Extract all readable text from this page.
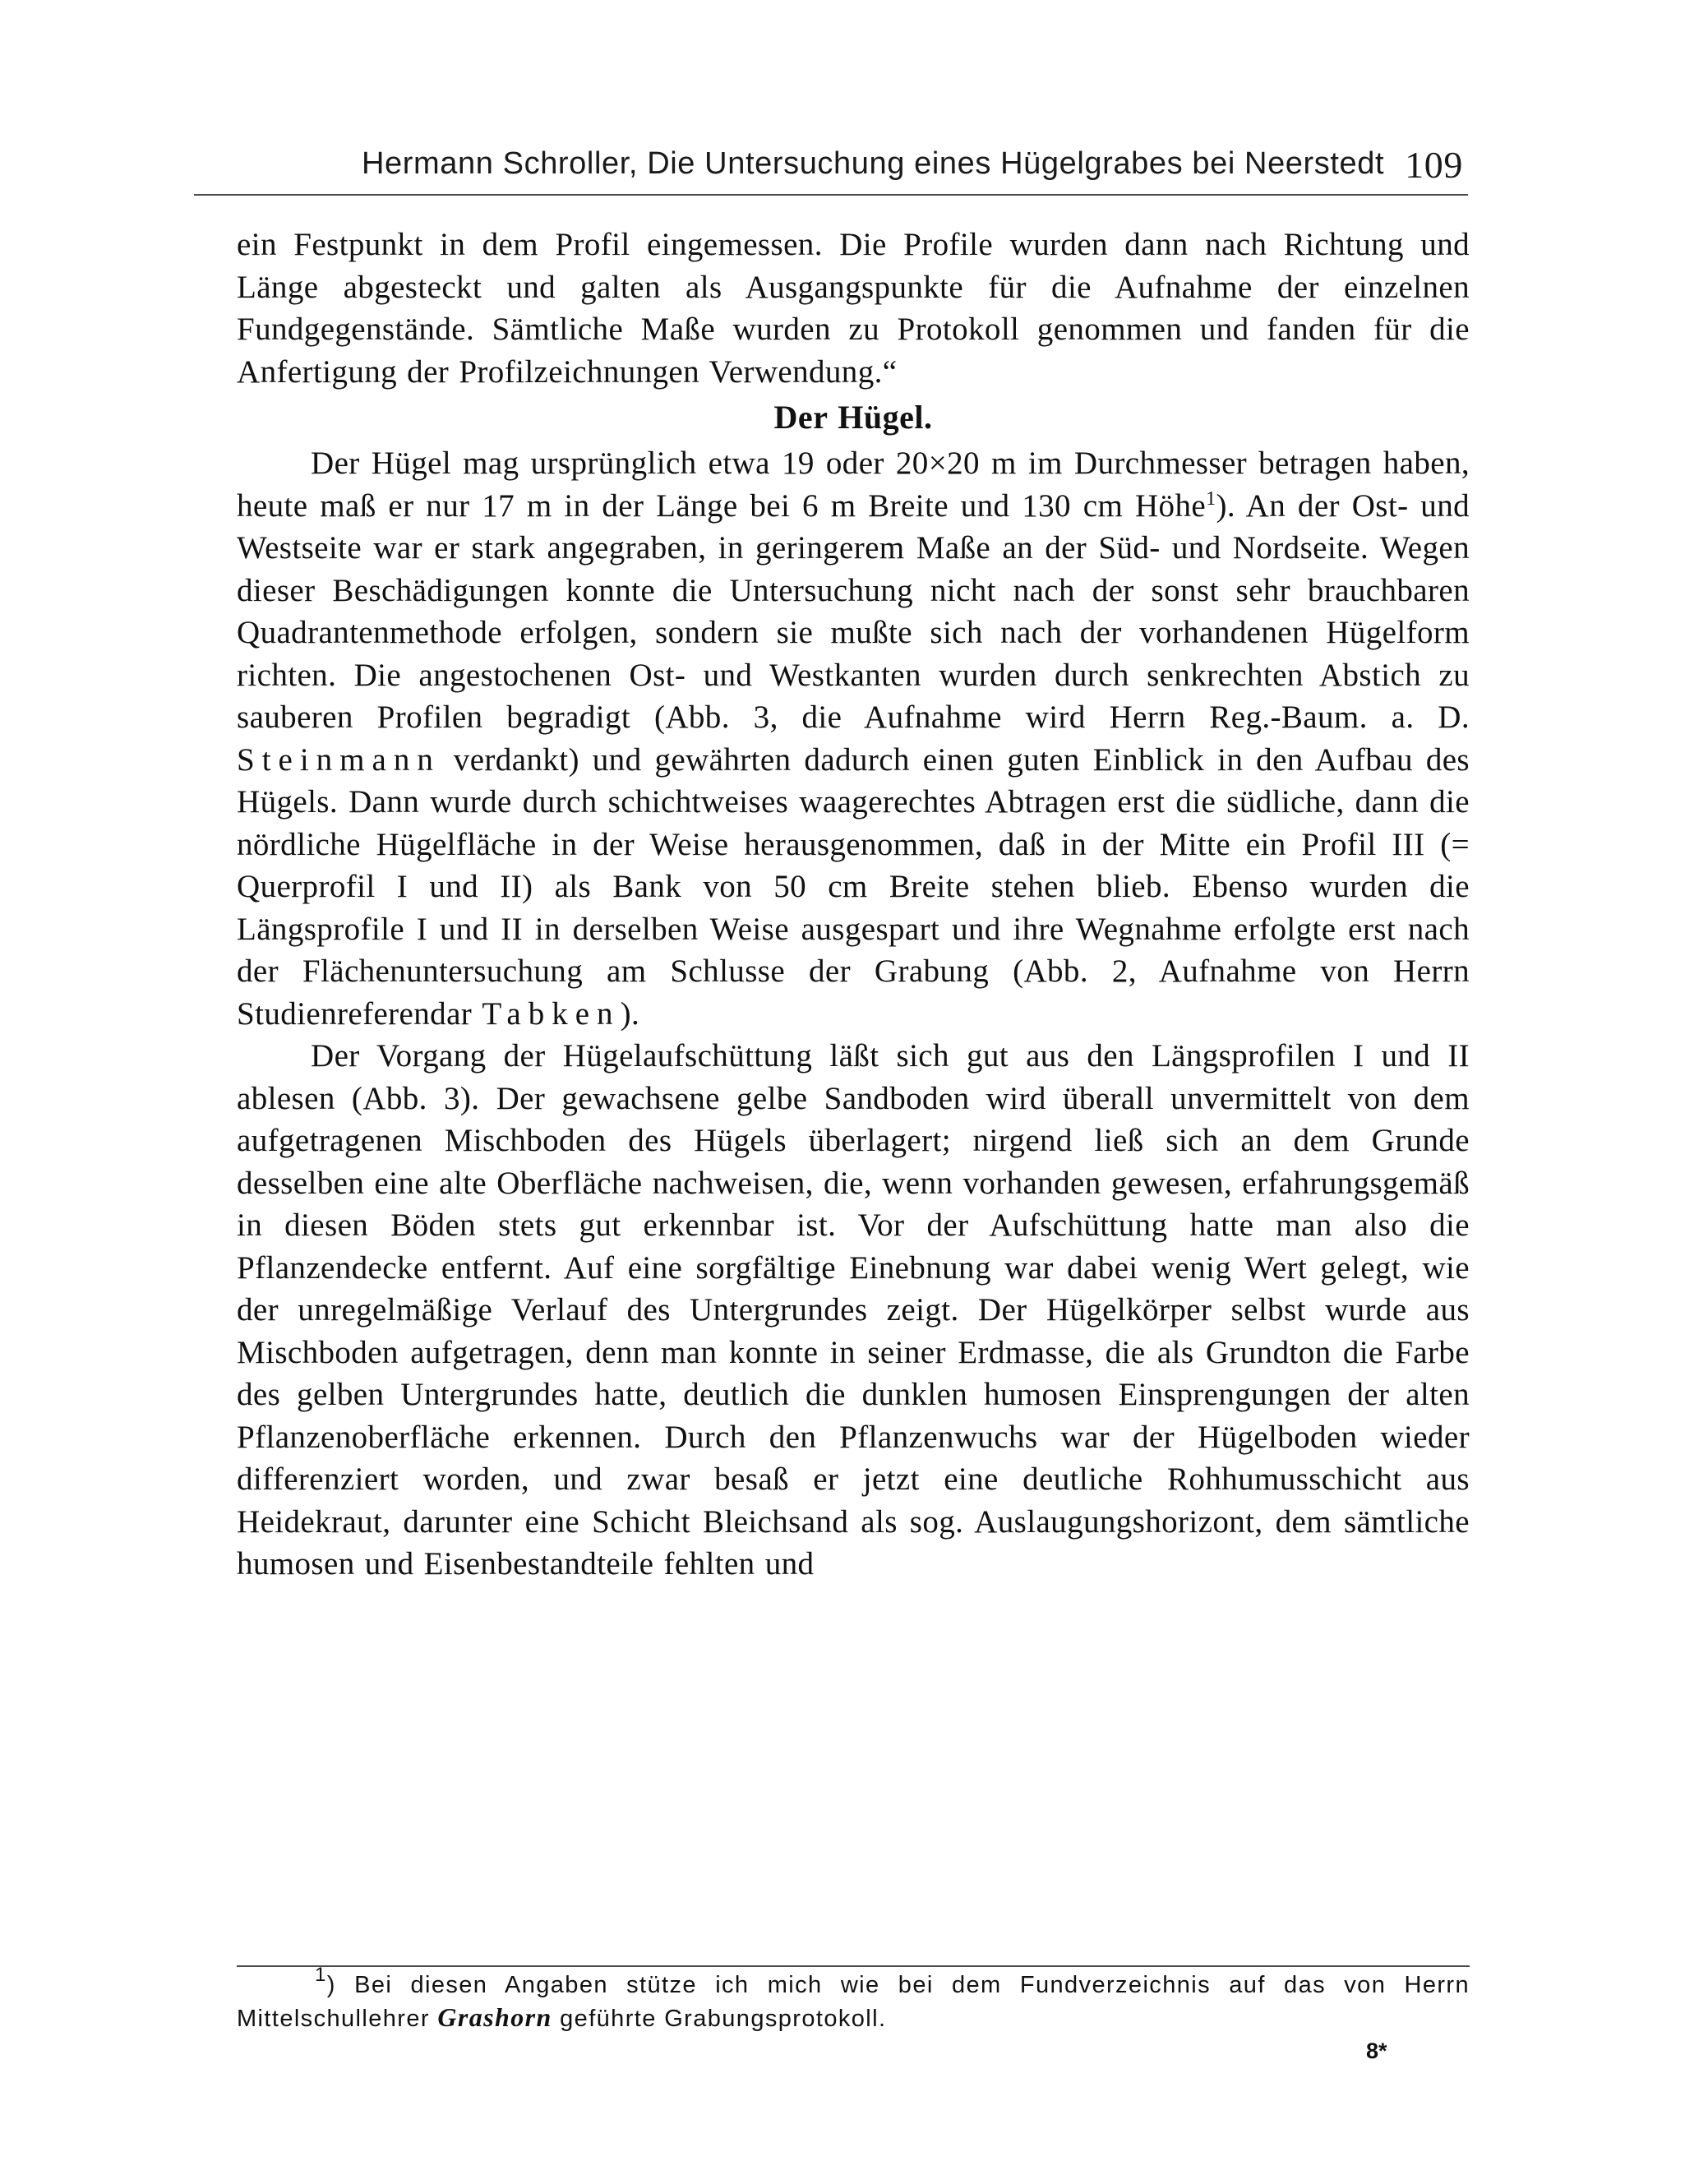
Hermann Schroller, Die Untersuchung eines Hügelgrabes bei Neerstedt 109

ein Festpunkt in dem Profil eingemessen. Die Profile wurden dann nach Richtung und Länge abgesteckt und galten als Ausgangspunkte für die Aufnahme der einzelnen Fundgegenstände. Sämtliche Maße wurden zu Protokoll genommen und fanden für die Anfertigung der Profilzeichnungen Verwendung.“

Der Hügel.

Der Hügel mag ursprünglich etwa 19 oder 20×20 m im Durchmesser betragen haben, heute maß er nur 17 m in der Länge bei 6 m Breite und 130 cm Höhe$^1$). An der Ost- und Westseite war er stark angegraben, in geringerem Maße an der Süd- und Nordseite. Wegen dieser Beschädigungen konnte die Untersuchung nicht nach der sonst sehr brauchbaren Quadrantenmethode erfolgen, sondern sie mußte sich nach der vorhandenen Hügelform richten. Die angestochenen Ost- und Westkanten wurden durch senkrechten Abstich zu sauberen Profilen begradigt (Abb. 3, die Aufnahme wird Herrn Reg.-Baum. a. D. Steinmann verdankt) und gewährten dadurch einen guten Einblick in den Aufbau des Hügels. Dann wurde durch schichtweises waagerechtes Abtragen erst die südliche, dann die nördliche Hügelfläche in der Weise herausgenommen, daß in der Mitte ein Profil III (= Querprofil I und II) als Bank von 50 cm Breite stehen blieb. Ebenso wurden die Längsprofile I und II in derselben Weise ausgespart und ihre Wegnahme erfolgte erst nach der Flächenuntersuchung am Schlusse der Grabung (Abb. 2, Aufnahme von Herrn Studienreferendar Tabken).

Der Vorgang der Hügelaufschüttung läßt sich gut aus den Längsprofilen I und II ablesen (Abb. 3). Der gewachsene gelbe Sandboden wird überall unvermittelt von dem aufgetragenen Mischboden des Hügels überlagert; nirgend ließ sich an dem Grunde desselben eine alte Oberfläche nachweisen, die, wenn vorhanden gewesen, erfahrungsgemäß in diesen Böden stets gut erkennbar ist. Vor der Aufschüttung hatte man also die Pflanzendecke entfernt. Auf eine sorgfältige Einebnung war dabei wenig Wert gelegt, wie der unregelmäßige Verlauf des Untergrundes zeigt. Der Hügelkörper selbst wurde aus Mischboden aufgetragen, denn man konnte in seiner Erdmasse, die als Grundton die Farbe des gelben Untergrundes hatte, deutlich die dunklen humosen Einsprengungen der alten Pflanzenoberfläche erkennen. Durch den Pflanzenwuchs war der Hügelboden wieder differenziert worden, und zwar besaß er jetzt eine deutliche Rohhumusschicht aus Heidekraut, darunter eine Schicht Bleichsand als sog. Auslaugungshorizont, dem sämtliche humosen und Eisenbestandteile fehlten und

$^1$) Bei diesen Angaben stütze ich mich wie bei dem Fundverzeichnis auf das von Herrn Mittelschullehrer Grashorn geführte Grabungsprotokoll.
8*
